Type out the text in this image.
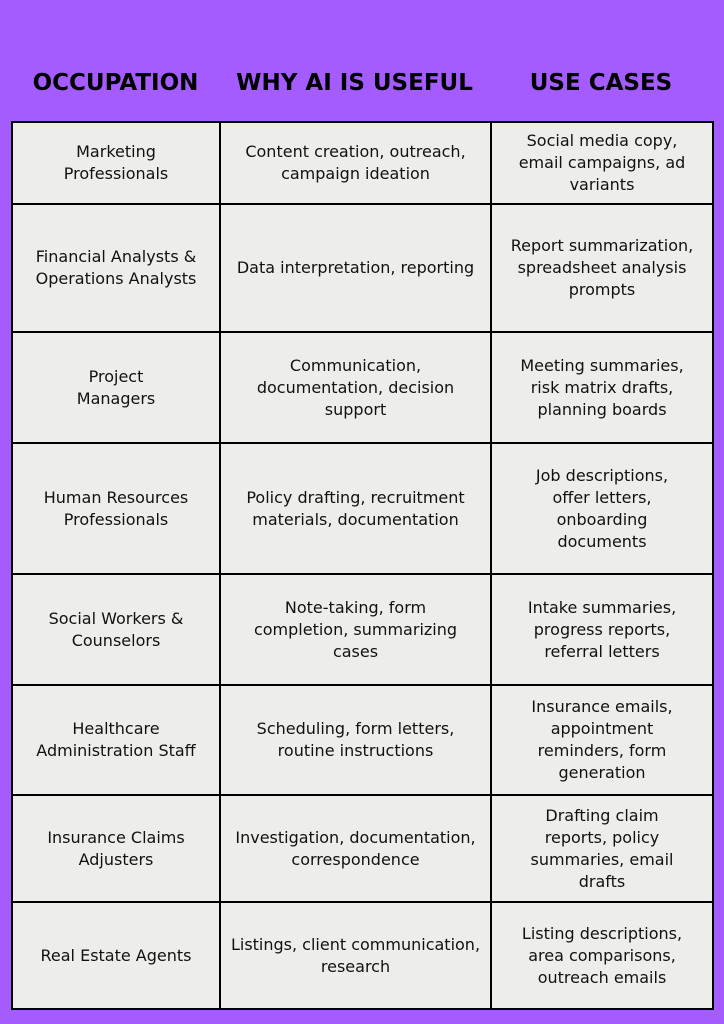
OCCUPATION	WHY AI IS USEFUL	USE CASES
Marketing Professionals	Content creation, outreach, campaign ideation	Social media copy, email campaigns, ad variants
Financial Analysts & Operations Analysts	Data interpretation, reporting	Report summarization, spreadsheet analysis prompts
Project Managers	Communication, documentation, decision support	Meeting summaries, risk matrix drafts, planning boards
Human Resources Professionals	Policy drafting, recruitment materials, documentation	Job descriptions, offer letters, onboarding documents
Social Workers & Counselors	Note-taking, form completion, summarizing cases	Intake summaries, progress reports, referral letters
Healthcare Administration Staff	Scheduling, form letters, routine instructions	Insurance emails, appointment reminders, form generation
Insurance Claims Adjusters	Investigation, documentation, correspondence	Drafting claim reports, policy summaries, email drafts
Real Estate Agents	Listings, client communication, research	Listing descriptions, area comparisons, outreach emails
